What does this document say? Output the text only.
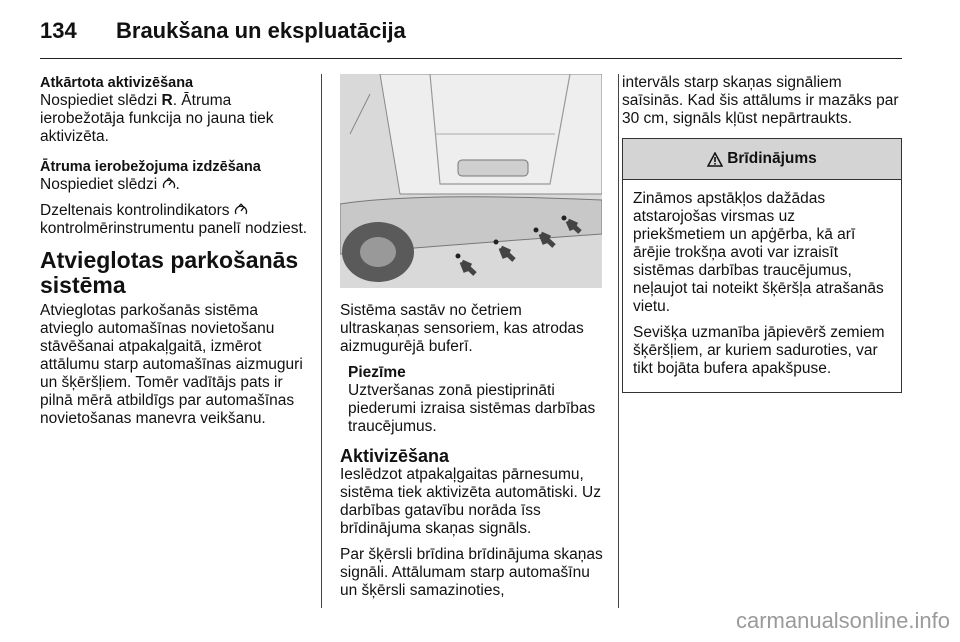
134 Braukšana un ekspluatācija

Atkārtota aktivizēšana

Nospiediet slēdzi R. Ātruma ierobežotāja funkcija no jauna tiek aktivizēta.

Ātruma ierobežojuma izdzēšana

Nospiediet slēdzi .

Dzeltenais kontrolindikators
kontrolmērinstrumentu panelī nodziest.

Atvieglotas parkošanās sistēma

Atvieglotas parkošanās sistēma atvieglo automašīnas novietošanu stāvēšanai atpakaļgaitā, izmērot attālumu starp automašīnas aizmuguri un šķēršļiem. Tomēr vadītājs pats ir pilnā mērā atbildīgs par automašīnas novietošanas manevra veikšanu.

Sistēma sastāv no četriem ultraskaņas sensoriem, kas atrodas aizmugurējā buferī.

Piezīme
Uztveršanas zonā piestiprināti piederumi izraisa sistēmas darbības traucējumus.
Aktivizēšana

Ieslēdzot atpakaļgaitas pārnesumu, sistēma tiek aktivizēta automātiski. Uz darbības gatavību norāda īss brīdinājuma skaņas signāls.

Par šķērsli brīdina brīdinājuma skaņas signāli. Attālumam starp automašīnu un šķērsli samazinoties,

intervāls starp skaņas signāliem saīsinās. Kad šis attālums ir mazāks par 30 cm, signāls kļūst nepārtraukts.

Brīdinājums

Zināmos apstākļos dažādas atstarojošas virsmas uz priekšmetiem un apģērba, kā arī ārējie trokšņa avoti var izraisīt sistēmas darbības traucējumus, neļaujot tai noteikt šķēršļa atrašanās vietu.

Sevišķa uzmanība jāpievērš zemiem šķēršļiem, ar kuriem saduroties, var tikt bojāta bufera apakšpuse.

carmanualsonline.info
